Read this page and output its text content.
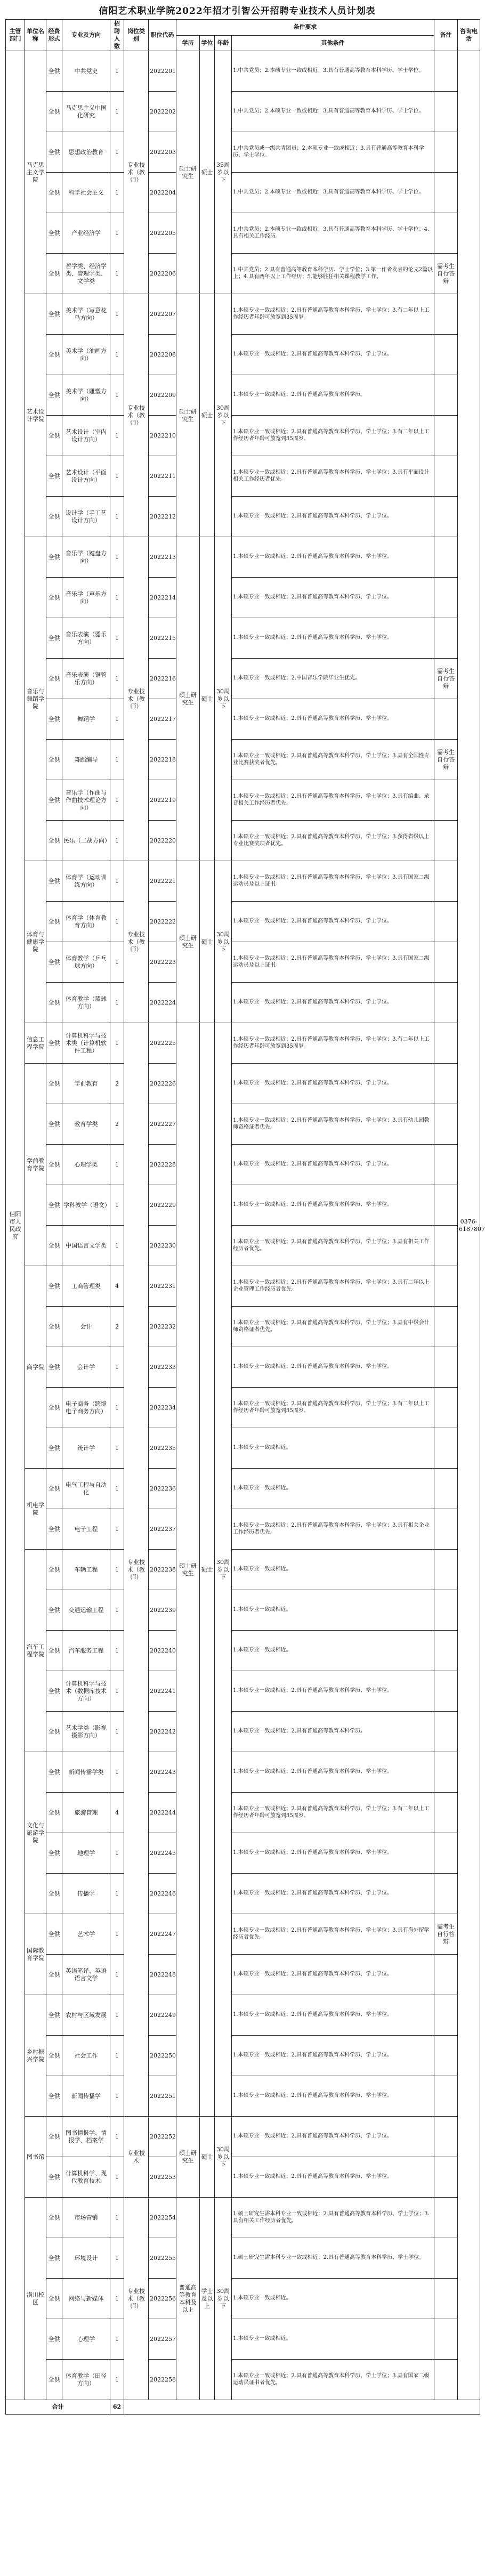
信阳艺术职业学院2022年招才引智公开招聘专业技术人员计划表
主管部门	单位名称	经费形式	专业及方向	招聘人数	岗位类别	职位代码	条件要求				备注	咨询电话
							学历	学位	年龄	其他条件		
信阳市人民政府	马克思主义学院	全供	中共党史	1	专业技术（教师）	2022201	硕士研究生	硕士	35周岁以下	1.中共党员；2.本硕专业一致或相近；3.具有普通高等教育本科学历、学士学位。		0376-6187807
		全供	马克思主义中国化研究	1		2022202				1.中共党员；2.本硕专业一致或相近；3.具有普通高等教育本科学历、学士学位。		
		全供	思想政治教育	1		2022203				1.中共党员或一级共青团员；2.本硕专业一致或相近；3.具有普通高等教育本科学历、学士学位。		
		全供	科学社会主义	1		2022204				1.中共党员；2.本硕专业一致或相近；3.具有普通高等教育本科学历、学士学位。		
		全供	产业经济学	1		2022205				1.中共党员；2.本硕专业一致或相近；3.具有普通高等教育本科学历、学士学位；4.具有相关工作经历。		
		全供	哲学类、经济学类、管理学类、文学类	1		2022206				1.中共党员；2.具有普通高等教育本科学历、学士学位；3.第一作者发表的论文2篇以上；4.具有两年以上工作经历；5.能够胜任相关课程教学工作。	需考生自行答辩	
	艺术设计学院	全供	美术学（写意花鸟方向）	1	专业技术（教师）	2022207	硕士研究生	硕士	30周岁以下	1.本硕专业一致或相近；2.具有普通高等教育本科学历、学士学位；3.有二年以上工作经历者年龄可放宽到35周岁。		
		全供	美术学（油画方向）	1		2022208				1.本硕专业一致或相近；2.具有普通高等教育本科学历、学士学位。		
		全供	美术学（雕塑方向）	1		2022209				1.本硕专业一致或相近；2.具有普通高等教育本科学历。		
		全供	艺术设计（室内设计方向）	1		2022210				1.本硕专业一致或相近；2.具有普通高等教育本科学历、学士学位；3.有二年以上工作经历者年龄可放宽到35周岁。		
		全供	艺术设计（平面设计方向）	1		2022211				1.本硕专业一致或相近；2.具有普通高等教育本科学历、学士学位；3.具有平面设计相关工作经历者优先。		
		全供	设计学（手工艺设计方向）	1		2022212				1.本硕专业一致或相近；2.具有普通高等教育本科学历、学士学位。		
	音乐与舞蹈学院	全供	音乐学（键盘方向）	1	专业技术（教师）	2022213	硕士研究生	硕士	30周岁以下	1.本硕专业一致或相近；2.具有普通高等教育本科学历、学士学位。		
		全供	音乐学（声乐方向）	1		2022214				1.本硕专业一致或相近；2.具有普通高等教育本科学历、学士学位。		
		全供	音乐表演（器乐方向）	1		2022215				1.本硕专业一致或相近；2.具有普通高等教育本科学历、学士学位。		
		全供	音乐表演（铜管乐方向）	1		2022216				1.本硕专业一致或相近；2.中国音乐学院毕业生优先。	需考生自行答辩	
		全供	舞蹈学	1		2022217				1.本硕专业一致或相近；2.具有普通高等教育本科学历、学士学位。		
		全供	舞蹈编导	1		2022218				1.本硕专业一致或相近；2.具有普通高等教育本科学历、学士学位；3.具有全国性专业比赛获奖者优先。	需考生自行答辩	
		全供	音乐学（作曲与作曲技术理论方向）	1		2022219				1.本硕专业一致或相近；2.具有普通高等教育本科学历、学士学位；3.具有编曲、录音相关工作经历者优先。		
		全供	民乐（二胡方向）	1		2022220				1.本硕专业一致或相近；2.具有普通高等教育本科学历、学士学位；3.获得省级以上专业比赛奖项者优先。		
	体育与健康学院	全供	体育学（运动训练方向）	1	专业技术（教师）	2022221	硕士研究生	硕士	30周岁以下	1.本硕专业一致或相近；2.具有普通高等教育本科学历、学士学位；3.具有国家二级运动员及以上证书。		
		全供	体育学（体育教育方向）	1		2022222				1.本硕专业一致或相近；2.具有普通高等教育本科学历、学士学位。		
		全供	体育教学（乒乓球方向）	1		2022223				1.本硕专业一致或相近；2.具有普通高等教育本科学历、学士学位；3.具有国家二级运动员及以上证书。		
		全供	体育教学（篮球方向）	1		2022224				1.本硕专业一致或相近；2.具有普通高等教育本科学历、学士学位。		
	信息工程学院	全供	计算机科学与技术类（计算机软件工程）	1	专业技术（教师）	2022225	硕士研究生	硕士	30周岁以下	1.本硕专业一致或相近；2.具有普通高等教育本科学历、学士学位；3.有二年以上工作经历者年龄可放宽到35周岁。		
	学前教育学院	全供	学前教育	2		2022226				1.本硕专业一致或相近；2.具有普通高等教育本科学历、学士学位。		
		全供	教育学类	2		2022227				1.本硕专业一致或相近；2.具有普通高等教育本科学历、学士学位；3.具有幼儿园教师资格证者优先。		
		全供	心理学类	1		2022228				1.本硕专业一致或相近；2.具有普通高等教育本科学历、学士学位。		
		全供	学科教学（语文）	1		2022229				1.本硕专业一致或相近；2.具有普通高等教育本科学历、学士学位。		
		全供	中国语言文学类	1		2022230				1.本硕专业一致或相近；2.具有普通高等教育本科学历、学士学位；3.具有相关工作经历者优先。		
	商学院	全供	工商管理类	4		2022231				1.本硕专业一致或相近；2.具有普通高等教育本科学历、学士学位；3.具有二年以上企业管理工作经历者优先。		
		全供	会计	2		2022232				1.本硕专业一致或相近；2.具有普通高等教育本科学历、学士学位；3.具有中级会计师资格证者优先。		
		全供	会计学	1		2022233				1.本硕专业一致或相近；2.具有普通高等教育本科学历、学士学位。		
		全供	电子商务（跨境电子商务方向）	1		2022234				1.本硕专业一致或相近；2.具有普通高等教育本科学历、学士学位；3.有二年以上工作经历者年龄可放宽到35周岁。		
		全供	统计学	1		2022235				1.本硕专业一致或相近。		
	机电学院	全供	电气工程与自动化	1		2022236				1.本硕专业一致或相近。		
		全供	电子工程	1		2022237				1.本硕专业一致或相近；2.具有普通高等教育本科学历、学士学位；3.具有相关企业工作经历者优先。		
	汽车工程学院	全供	车辆工程	1		2022238				1.本硕专业一致或相近。		
		全供	交通运输工程	1		2022239				1.本硕专业一致或相近。		
		全供	汽车服务工程	1		2022240				1.本硕专业一致或相近。		
		全供	计算机科学与技术（数据库技术方向）	1		2022241				1.本硕专业一致或相近；2.具有普通高等教育本科学历、学士学位。		
		全供	艺术学类（影视摄影方向）	1		2022242				1.本硕专业一致或相近；2.具有普通高等教育本科学历。		
	文化与旅游学院	全供	新闻传播学类	1		2022243				1.本硕专业一致或相近；2.具有普通高等教育本科学历、学士学位。		
		全供	旅游管理	4		2022244				1.本硕专业一致或相近；2.具有普通高等教育本科学历、学士学位；3.有二年以上工作经历者年龄可放宽到35周岁。		
		全供	地理学	1		2022245				1.本硕专业一致或相近；2.具有普通高等教育本科学历、学士学位。		
		全供	传播学	1		2022246				1.本硕专业一致或相近；2.具有普通高等教育本科学历、学士学位。		
	国际教育学院	全供	艺术学	1		2022247				1.本硕专业一致或相近；2.具有普通高等教育本科学历、学士学位；3.具有海外留学经历者优先。	需考生自行答辩	
		全供	英语笔译、英语语言文学	1		2022248				1.本硕专业一致或相近；2.具有普通高等教育本科学历、学士学位。		
	乡村振兴学院	全供	农村与区域发展	1		2022249				1.本硕专业一致或相近；2.具有普通高等教育本科学历、学士学位。		
		全供	社会工作	1		2022250				1.本硕专业一致或相近；2.具有普通高等教育本科学历、学士学位。		
		全供	新闻传播学	1		2022251				1.本硕专业一致或相近；2.具有普通高等教育本科学历、学士学位。		
	图书馆	全供	图书情报学、情报学、档案学	1	专业技术	2022252	硕士研究生	硕士	30周岁以下	1.本硕专业一致或相近；2.具有普通高等教育本科学历、学士学位。		
		全供	计算机科学、现代教育技术	1		2022253				1.本硕专业一致或相近；2.具有普通高等教育本科学历、学士学位。		
	潢川校区	全供	市场营销	1	专业技术（教师）	2022254	普通高等教育本科及以上	学士及以上	30周岁以下	1.硕士研究生需本科专业一致或相近；2.具有普通高等教育本科学历、学士学位；3.具有相关工作经历者优先。		
		全供	环境设计	1		2022255				1.硕士研究生需本科专业一致或相近；2.具有普通高等教育本科学历、学士学位。		
		全供	网络与新媒体	1		2022256				1.本硕专业一致或相近。		
		全供	心理学	1		2022257				1.本硕专业一致或相近。		
		全供	体育教学（田径方向）	1		2022258				1.本硕专业一致或相近；2.具有普通高等教育本科学历、学士学位；3.具有国家二级运动员证书者优先。		
合计				62								
